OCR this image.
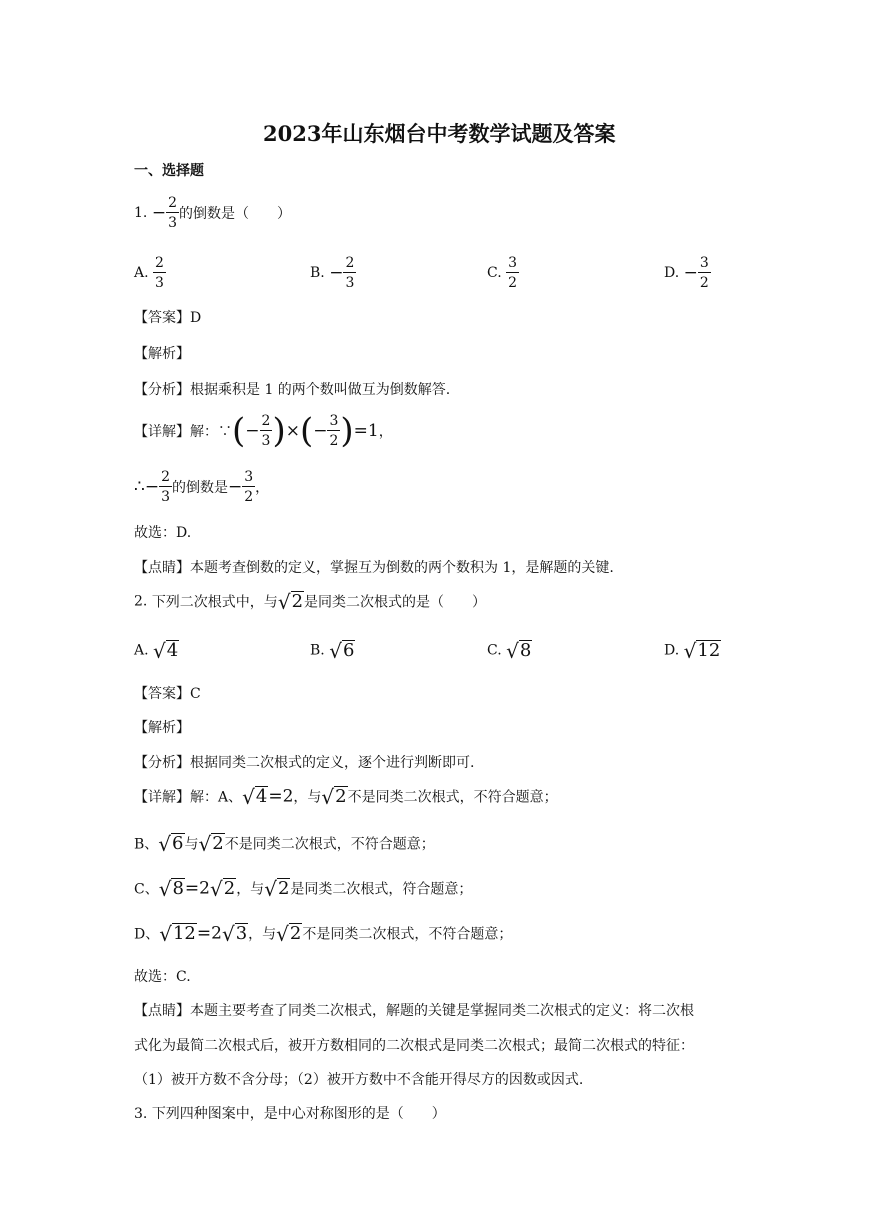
2023年山东烟台中考数学试题及答案
一、选择题
1. − $\frac{2}{3}$ 的倒数是（　　）
A. $\frac{2}{3}$	B. − $\frac{2}{3}$	C. $\frac{3}{2}$	D. − $\frac{3}{2}$
【答案】D
【解析】
【分析】根据乘积是 1 的两个数叫做互为倒数解答.
【详解】解：∵(− $\frac{2}{3}$ )×(− $\frac{3}{2} )=1$，
∴− $\frac{2}{3}$ 的倒数是− $\frac{3}{2}$ ，
故选：D.
【点睛】本题考查倒数的定义，掌握互为倒数的两个数积为 1，是解题的关键.
2. 下列二次根式中，与 √ 2 是同类二次根式的是（　　）
A. √ 4	B. √ 6	C. √ 8	D. √ 12
【答案】C
【解析】
【分析】根据同类二次根式的定义，逐个进行判断即可.
【详解】解：A、 √ 4 =2，与 √ 2 不是同类二次根式，不符合题意；
B、 √ 6 与 √ 2 不是同类二次根式，不符合题意；
C、 √ 8 =2 √ 2 ，与 √ 2 是同类二次根式，符合题意；
D、 √ 12 =2 √ 3 ，与 √ 2 不是同类二次根式，不符合题意；
故选：C.
【点睛】本题主要考查了同类二次根式，解题的关键是掌握同类二次根式的定义：将二次根
式化为最简二次根式后，被开方数相同的二次根式是同类二次根式；最简二次根式的特征：
（1）被开方数不含分母；（2）被开方数中不含能开得尽方的因数或因式.
3. 下列四种图案中，是中心对称图形的是（　　）
